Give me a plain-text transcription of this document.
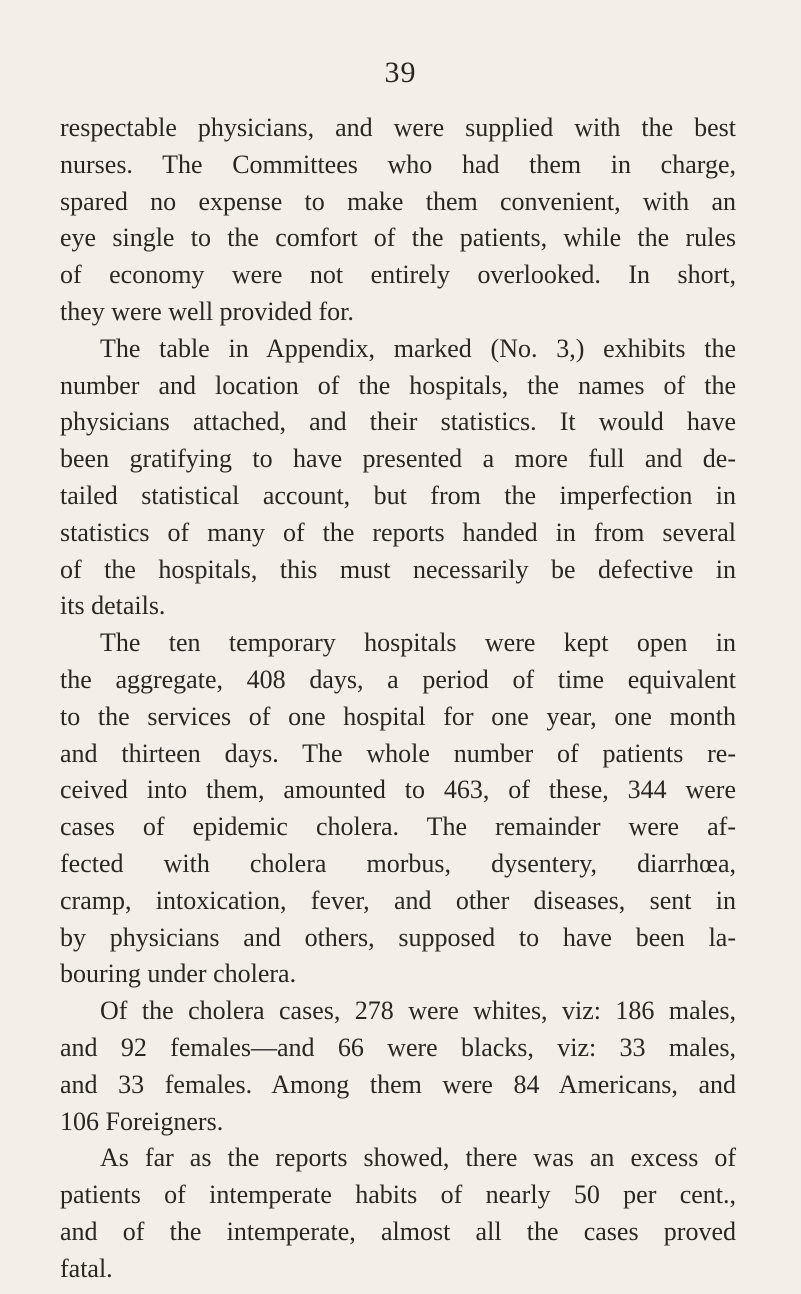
39
respectable physicians, and were supplied with the best
nurses. The Committees who had them in charge,
spared no expense to make them convenient, with an
eye single to the comfort of the patients, while the rules
of economy were not entirely overlooked. In short,
they were well provided for.
The table in Appendix, marked (No. 3,) exhibits the
number and location of the hospitals, the names of the
physicians attached, and their statistics. It would have
been gratifying to have presented a more full and de-
tailed statistical account, but from the imperfection in
statistics of many of the reports handed in from several
of the hospitals, this must necessarily be defective in
its details.
The ten temporary hospitals were kept open in
the aggregate, 408 days, a period of time equivalent
to the services of one hospital for one year, one month
and thirteen days. The whole number of patients re-
ceived into them, amounted to 463, of these, 344 were
cases of epidemic cholera. The remainder were af-
fected with cholera morbus, dysentery, diarrhœa,
cramp, intoxication, fever, and other diseases, sent in
by physicians and others, supposed to have been la-
bouring under cholera.
Of the cholera cases, 278 were whites, viz: 186 males,
and 92 females—and 66 were blacks, viz: 33 males,
and 33 females. Among them were 84 Americans, and
106 Foreigners.
As far as the reports showed, there was an excess of
patients of intemperate habits of nearly 50 per cent.,
and of the intemperate, almost all the cases proved
fatal.
